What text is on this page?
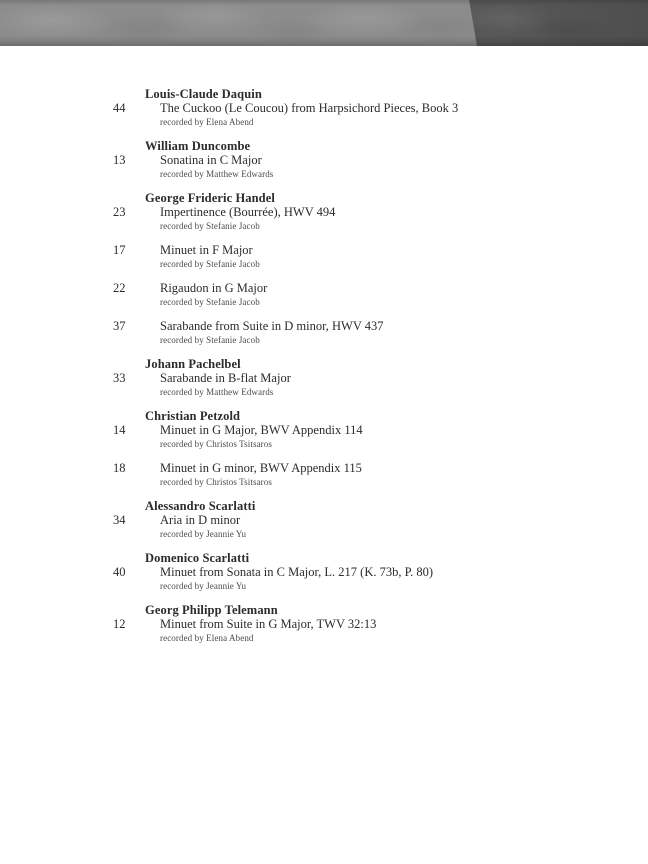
Louis-Claude Daquin
44	The Cuckoo (Le Coucou) from Harpsichord Pieces, Book 3
recorded by Elena Abend
William Duncombe
13	Sonatina in C Major
recorded by Matthew Edwards
George Frideric Handel
23	Impertinence (Bourrée), HWV 494
recorded by Stefanie Jacob
17	Minuet in F Major
recorded by Stefanie Jacob
22	Rigaudon in G Major
recorded by Stefanie Jacob
37	Sarabande from Suite in D minor, HWV 437
recorded by Stefanie Jacob
Johann Pachelbel
33	Sarabande in B-flat Major
recorded by Matthew Edwards
Christian Petzold
14	Minuet in G Major, BWV Appendix 114
recorded by Christos Tsitsaros
18	Minuet in G minor, BWV Appendix 115
recorded by Christos Tsitsaros
Alessandro Scarlatti
34	Aria in D minor
recorded by Jeannie Yu
Domenico Scarlatti
40	Minuet from Sonata in C Major, L. 217 (K. 73b, P. 80)
recorded by Jeannie Yu
Georg Philipp Telemann
12	Minuet from Suite in G Major, TWV 32:13
recorded by Elena Abend
